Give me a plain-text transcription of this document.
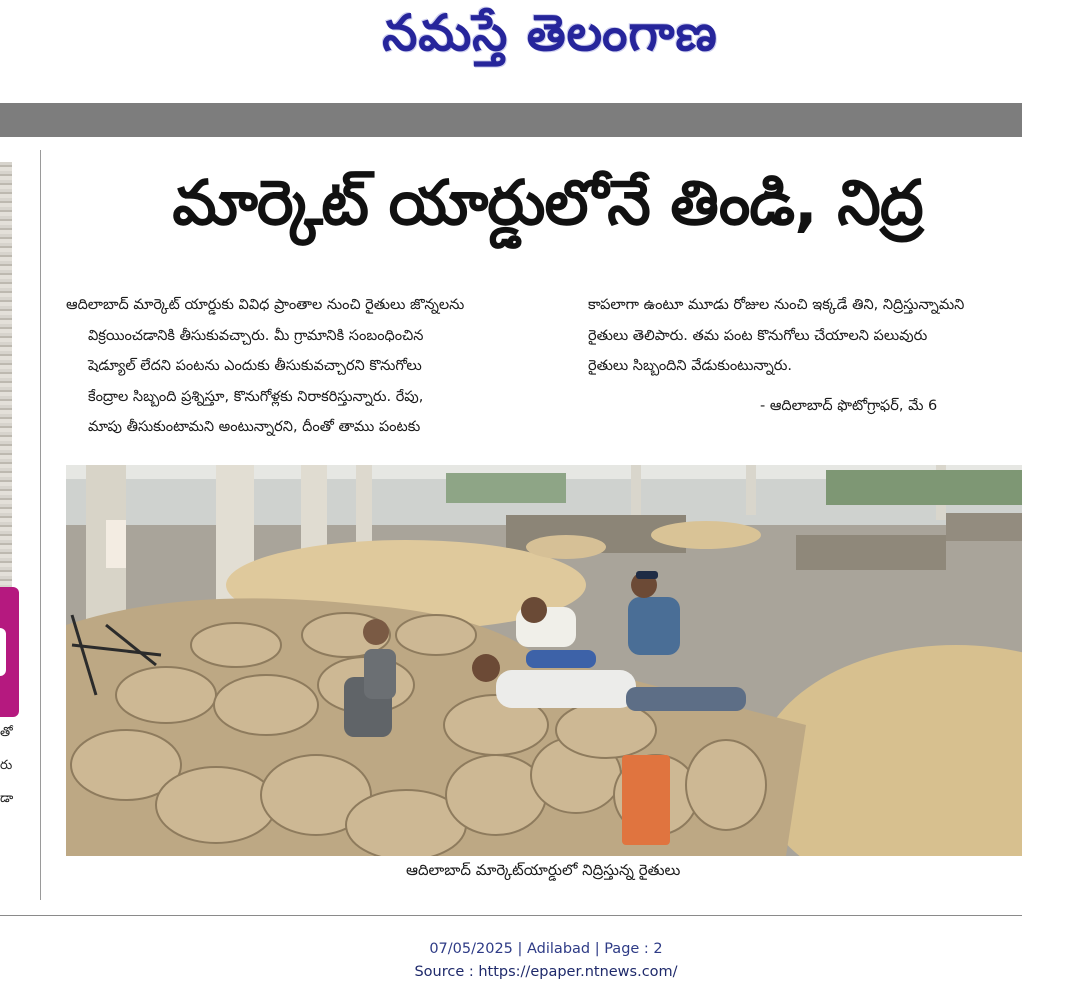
నమస్తే తెలంగాణ
తో
రు
డా
మార్కెట్ యార్డులోనే తిండి, నిద్ర

ఆదిలాబాద్ మార్కెట్ యార్డుకు వివిధ ప్రాంతాల నుంచి రైతులు జొన్నలను

విక్రయించడానికి తీసుకువచ్చారు. మీ గ్రామానికి సంబంధించిన

షెడ్యూల్ లేదని పంటను ఎందుకు తీసుకువచ్చారని కొనుగోలు

కేంద్రాల సిబ్బంది ప్రశ్నిస్తూ, కొనుగోళ్లకు నిరాకరిస్తున్నారు. రేపు,

మాపు తీసుకుంటామని అంటున్నారని, దీంతో తాము పంటకు

కాపలాగా ఉంటూ మూడు రోజుల నుంచి ఇక్కడే తిని, నిద్రిస్తున్నామని

రైతులు తెలిపారు. తమ పంట కొనుగోలు చేయాలని పలువురు

రైతులు సిబ్బందిని వేడుకుంటున్నారు.

- ఆదిలాబాద్ ఫొటోగ్రాఫర్, మే 6
ఆదిలాబాద్ మార్కెట్‌యార్డులో నిద్రిస్తున్న రైతులు
07/05/2025 | Adilabad | Page : 2
Source : https://epaper.ntnews.com/
